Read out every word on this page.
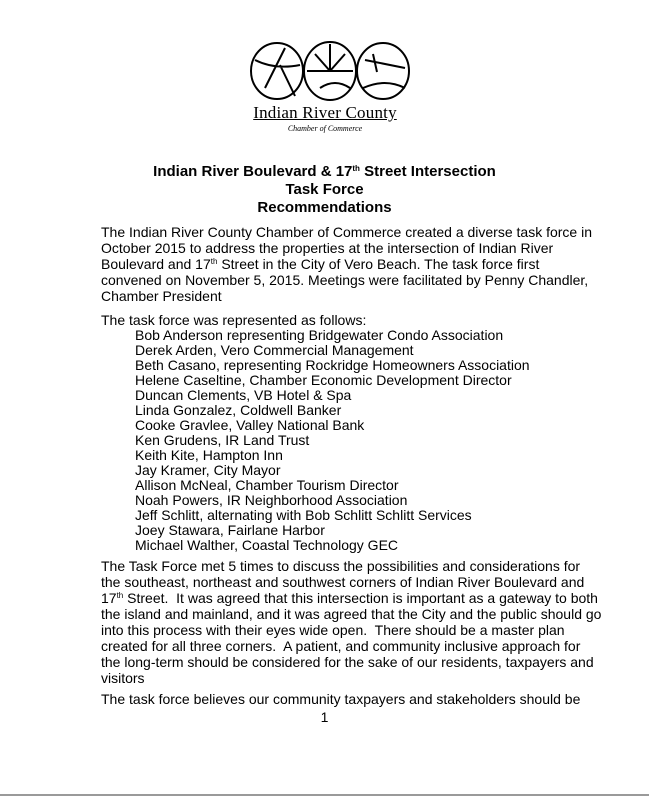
Indian River County
Chamber of Commerce
Indian River Boulevard & 17th Street Intersection
Task Force
Recommendations
The Indian River County Chamber of Commerce created a diverse task force in
October 2015 to address the properties at the intersection of Indian River
Boulevard and 17th Street in the City of Vero Beach. The task force first
convened on November 5, 2015. Meetings were facilitated by Penny Chandler,
Chamber President
The task force was represented as follows:
Bob Anderson representing Bridgewater Condo Association
Derek Arden, Vero Commercial Management
Beth Casano, representing Rockridge Homeowners Association
Helene Caseltine, Chamber Economic Development Director
Duncan Clements, VB Hotel & Spa
Linda Gonzalez, Coldwell Banker
Cooke Gravlee, Valley National Bank
Ken Grudens, IR Land Trust
Keith Kite, Hampton Inn
Jay Kramer, City Mayor
Allison McNeal, Chamber Tourism Director
Noah Powers, IR Neighborhood Association
Jeff Schlitt, alternating with Bob Schlitt Schlitt Services
Joey Stawara, Fairlane Harbor
Michael Walther, Coastal Technology GEC
The Task Force met 5 times to discuss the possibilities and considerations for
the southeast, northeast and southwest corners of Indian River Boulevard and
17th Street.  It was agreed that this intersection is important as a gateway to both
the island and mainland, and it was agreed that the City and the public should go
into this process with their eyes wide open.  There should be a master plan
created for all three corners.  A patient, and community inclusive approach for
the long-term should be considered for the sake of our residents, taxpayers and
visitors
The task force believes our community taxpayers and stakeholders should be
1
